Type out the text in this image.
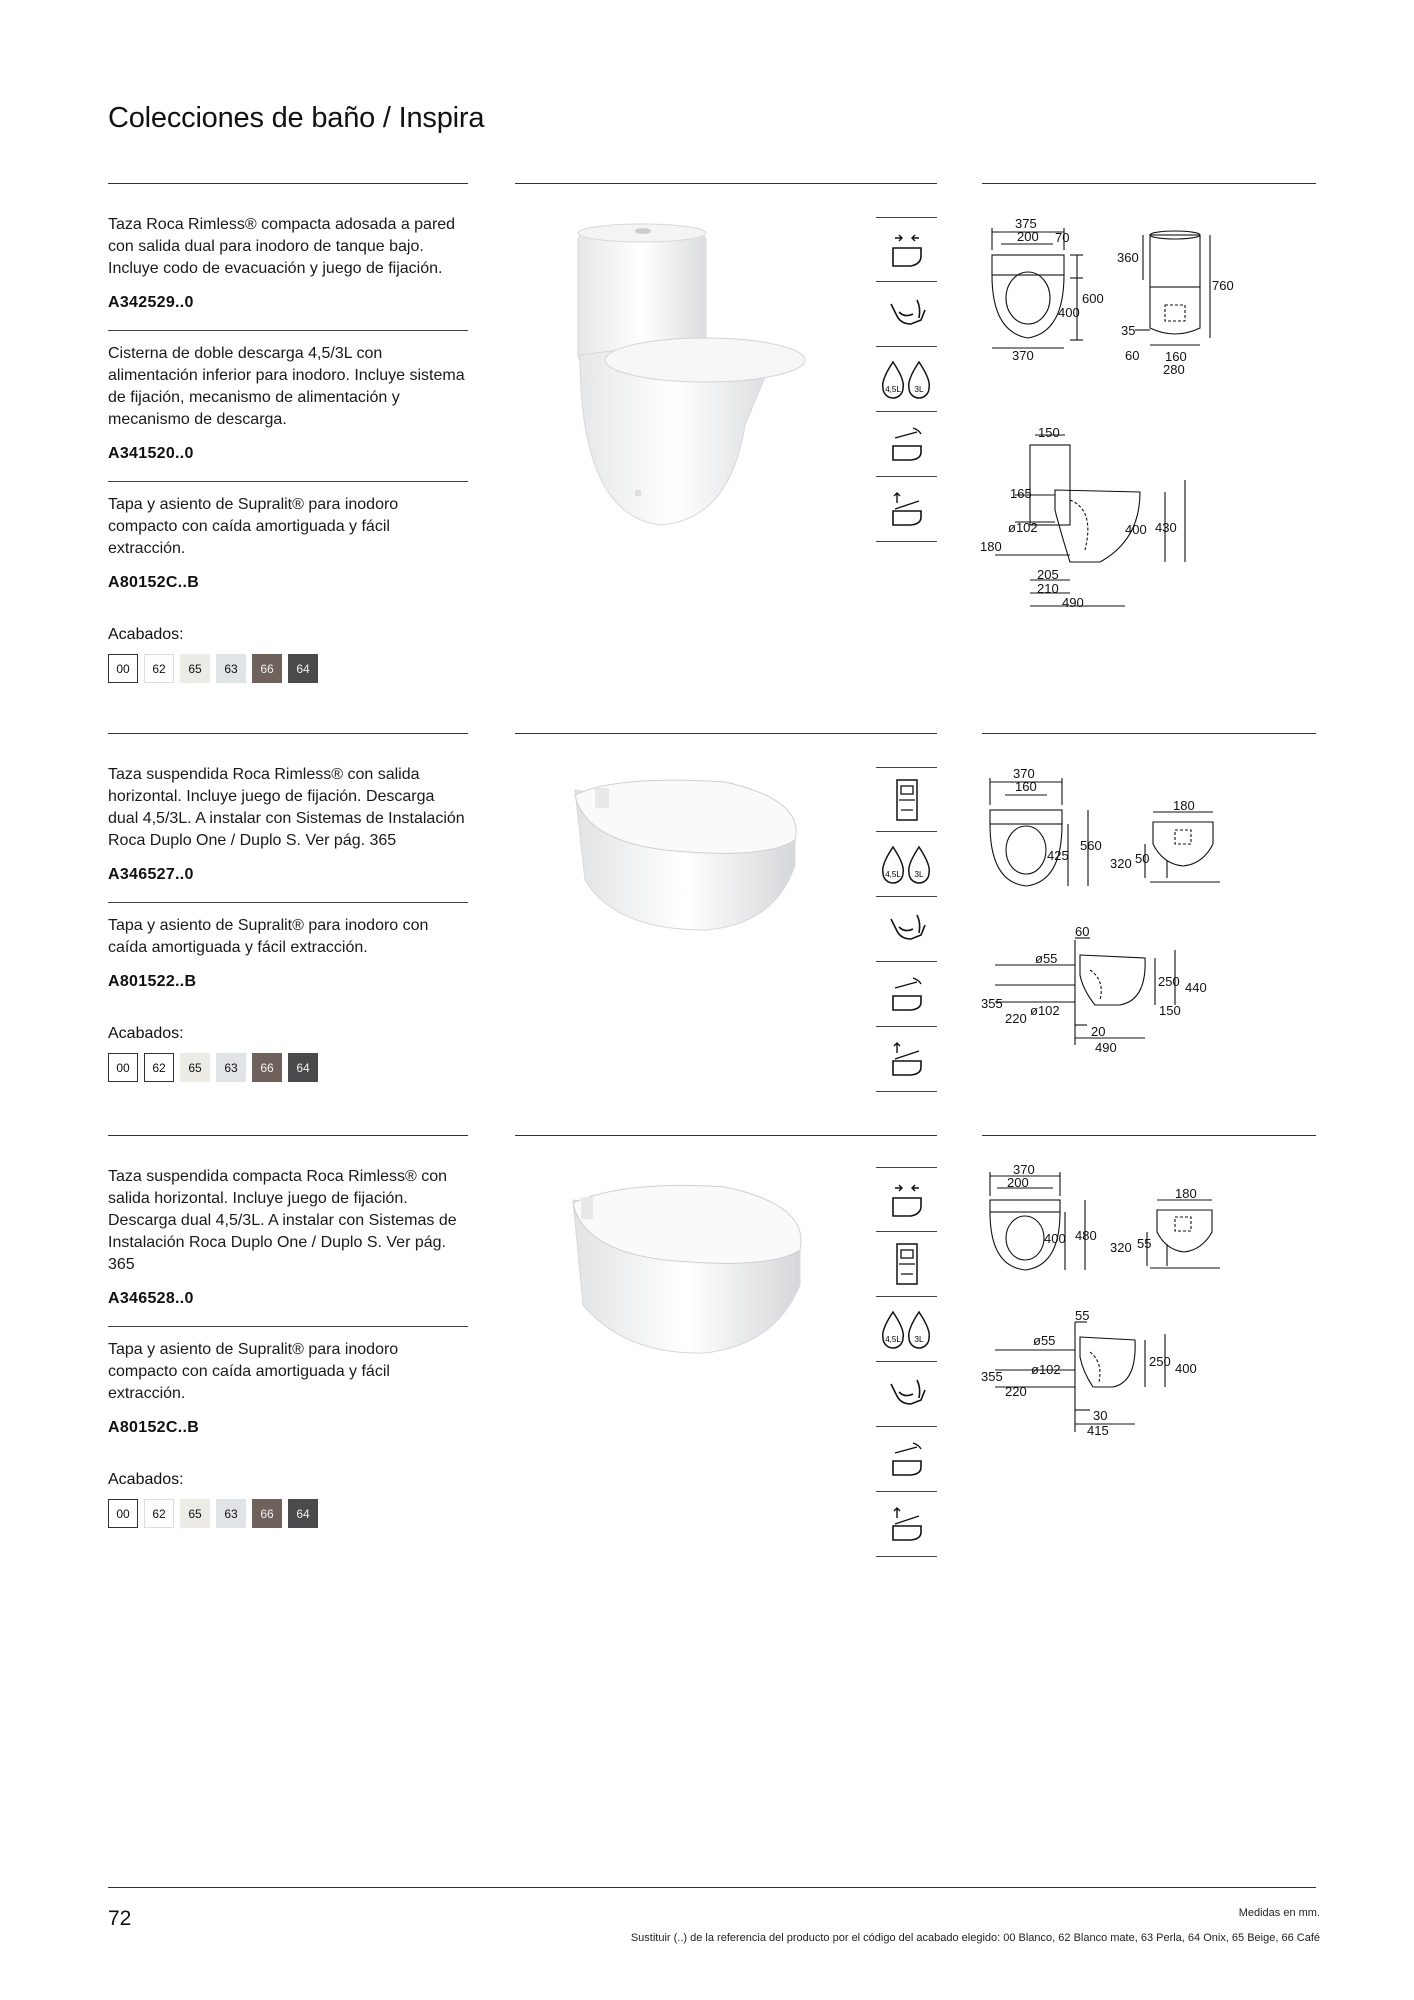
Colecciones de baño / Inspira
Taza Roca Rimless® compacta adosada a pared con salida dual para inodoro de tanque bajo. Incluye codo de evacuación y juego de fijación.
A342529..0
Cisterna de doble descarga 4,5/3L con alimentación inferior para inodoro. Incluye sistema de fijación, mecanismo de alimentación y mecanismo de descarga.
A341520..0
Tapa y asiento de Supralit® para inodoro compacto con caída amortiguada y fácil extracción.
A80152C..B
Acabados:
00	62	65	63	66	64
Taza suspendida Roca Rimless® con salida horizontal. Incluye juego de fijación. Descarga dual 4,5/3L. A instalar con Sistemas de Instalación Roca Duplo One / Duplo S. Ver pág. 365
A346527..0
Tapa y asiento de Supralit® para inodoro con caída amortiguada y fácil extracción.
A801522..B
Acabados:
00	62	65	63	66	64
Taza suspendida compacta Roca Rimless® con salida horizontal. Incluye juego de fijación. Descarga dual 4,5/3L. A instalar con Sistemas de Instalación Roca Duplo One / Duplo S. Ver pág. 365
A346528..0
Tapa y asiento de Supralit® para inodoro compacto con caída amortiguada y fácil extracción.
A80152C..B
Acabados:
00	62	65	63	66	64
4,5L 3L
4,5L 3L
4,5L 3L
375
200 70
600
400
370
360
760
35
60 160
280
150
165
ø102
180
400 430
205
210
490
370
160
425
560
180
320 50
60
ø55
ø102
355
220
250 440
150
20
490
370
200
400 480
180
320 55
55
ø55
ø102
355
220
250 400
30
415
72	Medidas en mm.
Sustituir (..) de la referencia del producto por el código del acabado elegido: 00 Blanco, 62 Blanco mate, 63 Perla, 64 Onix, 65 Beige, 66 Café
